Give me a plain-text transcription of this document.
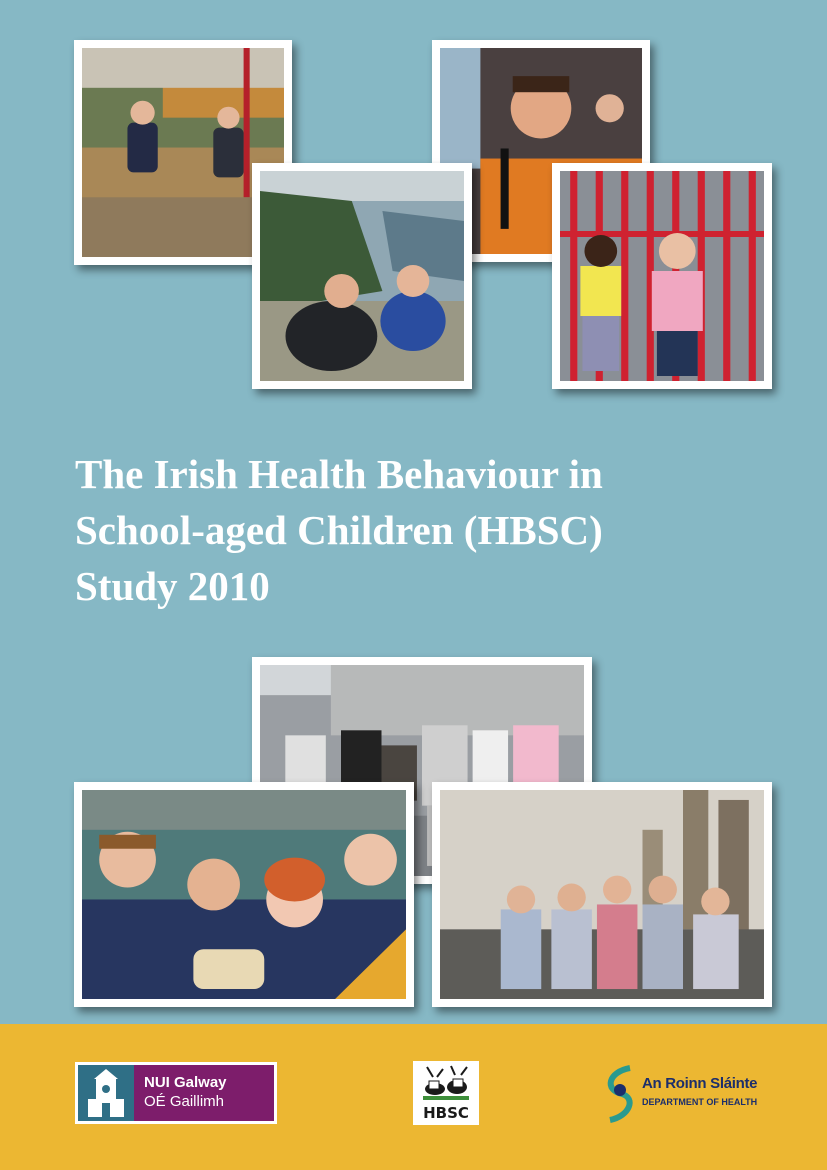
The Irish Health Behaviour in
School-aged Children (HBSC)
Study 2010
NUI Galway
OÉ Gaillimh
HBSC
An Roinn Sláinte
DEPARTMENT OF HEALTH
